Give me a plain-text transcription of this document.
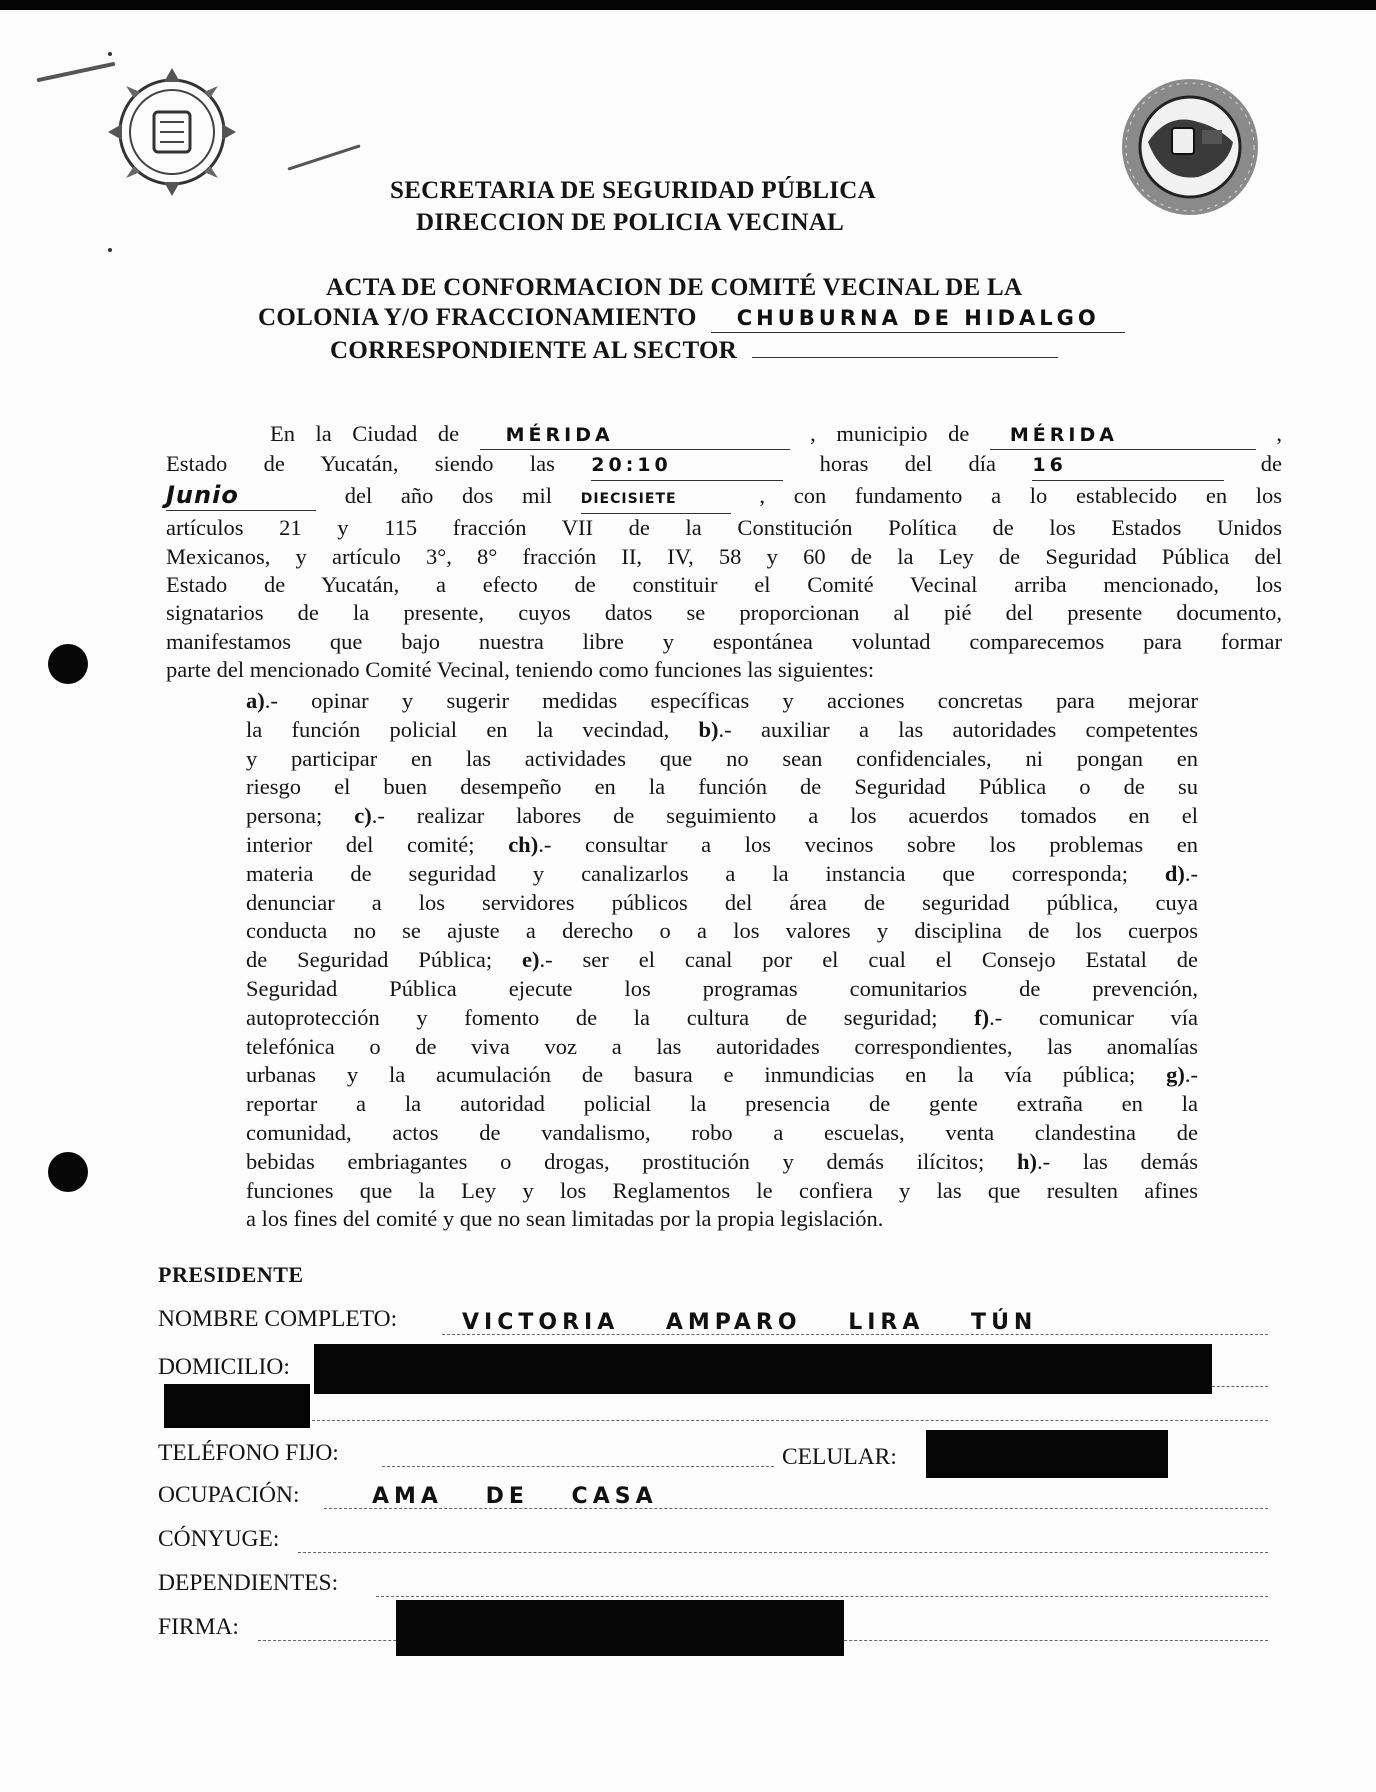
SECRETARIA DE SEGURIDAD PÚBLICA
DIRECCION DE POLICIA VECINAL
ACTA DE CONFORMACION DE COMITÉ VECINAL DE LA
COLONIA Y/O FRACCIONAMIENTO CHUBURNA DE HIDALGO
CORRESPONDIENTE AL SECTOR
En la Ciudad de MÉRIDA	, municipio de MÉRIDA	,
Estado de Yucatán, siendo las 20:10	horas del día 16	de
Junio	del año dos mil DIECISIETE	, con fundamento a lo establecido en los
artículos 21 y 115 fracción VII de la Constitución Política de los Estados Unidos
Mexicanos, y artículo 3°, 8° fracción II, IV, 58 y 60 de la Ley de Seguridad Pública del
Estado de Yucatán, a efecto de constituir el Comité Vecinal arriba mencionado, los
signatarios de la presente, cuyos datos se proporcionan al pié del presente documento,
manifestamos que bajo nuestra libre y espontánea voluntad comparecemos para formar
parte del mencionado Comité Vecinal, teniendo como funciones las siguientes:
a).- opinar y sugerir medidas específicas y acciones concretas para mejorar
la función policial en la vecindad, b).- auxiliar a las autoridades competentes
y participar en las actividades que no sean confidenciales, ni pongan en
riesgo el buen desempeño en la función de Seguridad Pública o de su
persona; c).- realizar labores de seguimiento a los acuerdos tomados en el
interior del comité; ch).- consultar a los vecinos sobre los problemas en
materia de seguridad y canalizarlos a la instancia que corresponda; d).-
denunciar a los servidores públicos del área de seguridad pública, cuya
conducta no se ajuste a derecho o a los valores y disciplina de los cuerpos
de Seguridad Pública; e).- ser el canal por el cual el Consejo Estatal de
Seguridad Pública ejecute los programas comunitarios de prevención,
autoprotección y fomento de la cultura de seguridad; f).- comunicar vía
telefónica o de viva voz a las autoridades correspondientes, las anomalías
urbanas y la acumulación de basura e inmundicias en la vía pública; g).-
reportar a la autoridad policial la presencia de gente extraña en la
comunidad, actos de vandalismo, robo a escuelas, venta clandestina de
bebidas embriagantes o drogas, prostitución y demás ilícitos; h).- las demás
funciones que la Ley y los Reglamentos le confiera y las que resulten afines
a los fines del comité y que no sean limitadas por la propia legislación.
PRESIDENTE
NOMBRE COMPLETO:	VICTORIA AMPARO LIRA TÚN
DOMICILIO:
TELÉFONO FIJO:	CELULAR:
OCUPACIÓN:	AMA DE CASA
CÓNYUGE:
DEPENDIENTES:
FIRMA:
